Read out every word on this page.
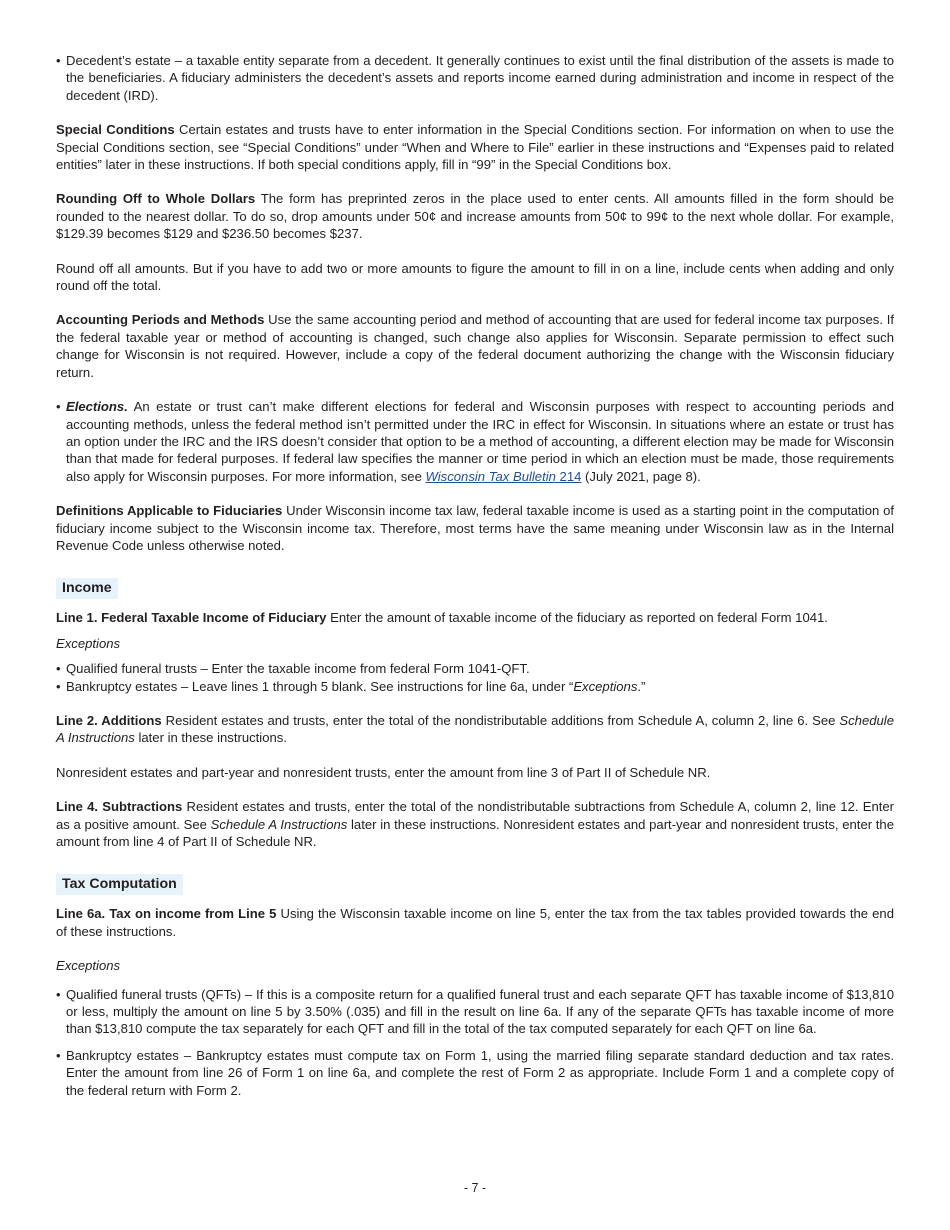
• Decedent’s estate – a taxable entity separate from a decedent. It generally continues to exist until the final distribution of the assets is made to the beneficiaries. A fiduciary administers the decedent’s assets and reports income earned during administration and income in respect of the decedent (IRD).

Special Conditions Certain estates and trusts have to enter information in the Special Conditions section. For information on when to use the Special Conditions section, see “Special Conditions” under “When and Where to File” earlier in these instructions and “Expenses paid to related entities” later in these instructions. If both special conditions apply, fill in “99” in the Special Conditions box.

Rounding Off to Whole Dollars The form has preprinted zeros in the place used to enter cents. All amounts filled in the form should be rounded to the nearest dollar. To do so, drop amounts under 50¢ and increase amounts from 50¢ to 99¢ to the next whole dollar. For example, $129.39 becomes $129 and $236.50 becomes $237.

Round off all amounts. But if you have to add two or more amounts to figure the amount to fill in on a line, include cents when adding and only round off the total.

Accounting Periods and Methods Use the same accounting period and method of accounting that are used for federal income tax purposes. If the federal taxable year or method of accounting is changed, such change also applies for Wisconsin. Separate permission to effect such change for Wisconsin is not required. However, include a copy of the federal document authorizing the change with the Wisconsin fiduciary return.

• Elections. An estate or trust can’t make different elections for federal and Wisconsin purposes with respect to accounting periods and accounting methods, unless the federal method isn’t permitted under the IRC in effect for Wisconsin. In situations where an estate or trust has an option under the IRC and the IRS doesn’t consider that option to be a method of accounting, a different election may be made for Wisconsin than that made for federal purposes. If federal law specifies the manner or time period in which an election must be made, those requirements also apply for Wisconsin purposes. For more information, see Wisconsin Tax Bulletin 214 (July 2021, page 8).

Definitions Applicable to Fiduciaries Under Wisconsin income tax law, federal taxable income is used as a starting point in the computation of fiduciary income subject to the Wisconsin income tax. Therefore, most terms have the same meaning under Wisconsin law as in the Internal Revenue Code unless otherwise noted.

Income

Line 1. Federal Taxable Income of Fiduciary Enter the amount of taxable income of the fiduciary as reported on federal Form 1041.

Exceptions

• Qualified funeral trusts – Enter the taxable income from federal Form 1041-QFT.

• Bankruptcy estates – Leave lines 1 through 5 blank. See instructions for line 6a, under “Exceptions.”

Line 2. Additions Resident estates and trusts, enter the total of the nondistributable additions from Schedule A, column 2, line 6. See Schedule A Instructions later in these instructions.

Nonresident estates and part-year and nonresident trusts, enter the amount from line 3 of Part II of Schedule NR.

Line 4. Subtractions Resident estates and trusts, enter the total of the nondistributable subtractions from Schedule A, column 2, line 12. Enter as a positive amount. See Schedule A Instructions later in these instructions. Nonresident estates and part-year and nonresident trusts, enter the amount from line 4 of Part II of Schedule NR.

Tax Computation

Line 6a. Tax on income from Line 5 Using the Wisconsin taxable income on line 5, enter the tax from the tax tables provided towards the end of these instructions.

Exceptions

• Qualified funeral trusts (QFTs) – If this is a composite return for a qualified funeral trust and each separate QFT has taxable income of $13,810 or less, multiply the amount on line 5 by 3.50% (.035) and fill in the result on line 6a. If any of the separate QFTs has taxable income of more than $13,810 compute the tax separately for each QFT and fill in the total of the tax computed separately for each QFT on line 6a.

• Bankruptcy estates – Bankruptcy estates must compute tax on Form 1, using the married filing separate standard deduction and tax rates. Enter the amount from line 26 of Form 1 on line 6a, and complete the rest of Form 2 as appropriate. Include Form 1 and a complete copy of the federal return with Form 2.

- 7 -
